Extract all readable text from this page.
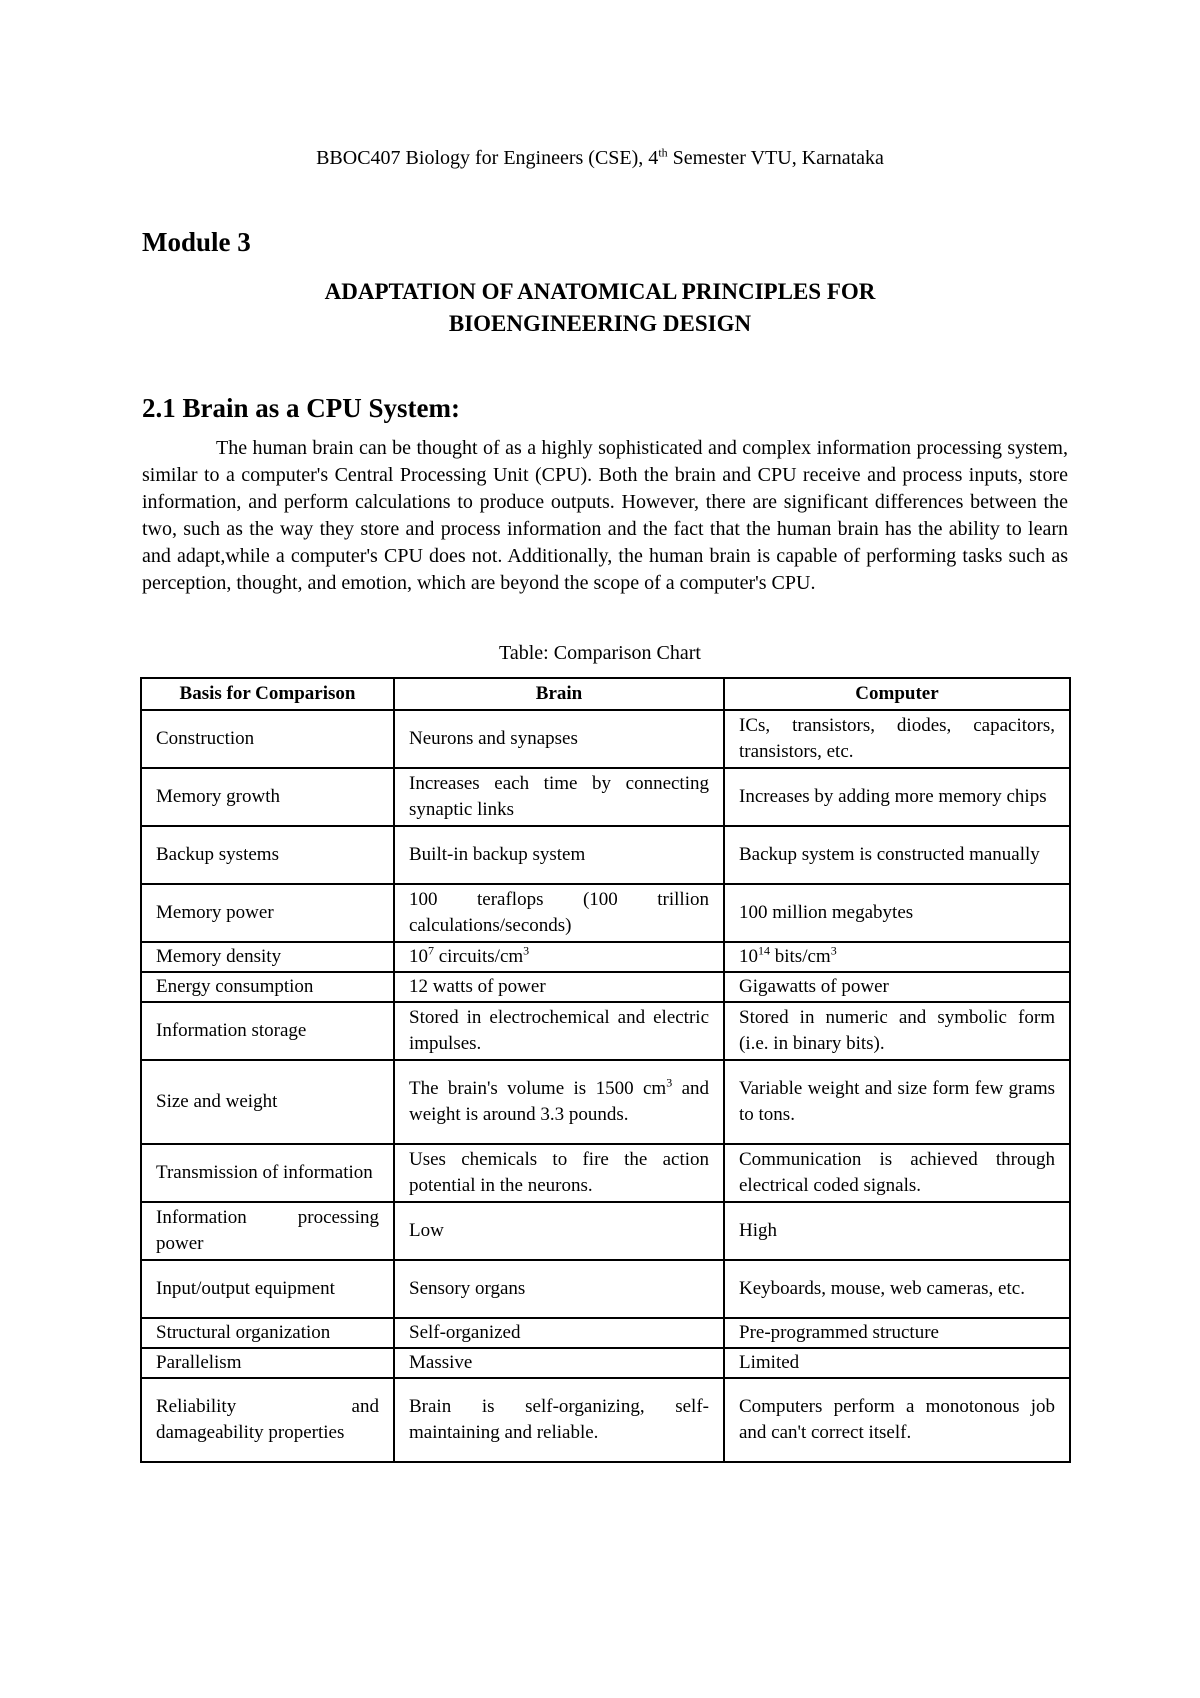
BBOC407 Biology for Engineers (CSE), 4th Semester VTU, Karnataka
Module 3
ADAPTATION OF ANATOMICAL PRINCIPLES FOR
BIOENGINEERING DESIGN
2.1 Brain as a CPU System:
The human brain can be thought of as a highly sophisticated and complex information processing system, similar to a computer's Central Processing Unit (CPU). Both the brain and CPU receive and process inputs, store information, and perform calculations to produce outputs. However, there are significant differences between the two, such as the way they store and process information and the fact that the human brain has the ability to learn and adapt,while a computer's CPU does not. Additionally, the human brain is capable of performing tasks such as perception, thought, and emotion, which are beyond the scope of a computer's CPU.
Table: Comparison Chart
Basis for Comparison	Brain	Computer
Construction	Neurons and synapses	ICs, transistors, diodes, capacitors, transistors, etc.
Memory growth	Increases each time by connecting synaptic links	Increases by adding more memory chips
Backup systems	Built-in backup system	Backup system is constructed manually
Memory power	100 teraflops (100 trillion calculations/seconds)	100 million megabytes
Memory density	$10^7$ circuits/$cm^3$	$10^{14}$ bits/$cm^3$
Energy consumption	12 watts of power	Gigawatts of power
Information storage	Stored in electrochemical and electric impulses.	Stored in numeric and symbolic form (i.e. in binary bits).
Size and weight	The brain's volume is 1500 $cm^3$ and weight is around 3.3 pounds.	Variable weight and size form few grams to tons.
Transmission of information	Uses chemicals to fire the action potential in the neurons.	Communication is achieved through electrical coded signals.
Information processing power	Low	High
Input/output equipment	Sensory organs	Keyboards, mouse, web cameras, etc.
Structural organization	Self-organized	Pre-programmed structure
Parallelism	Massive	Limited
Reliability and damageability properties	Brain is self-organizing, self-maintaining and reliable.	Computers perform a monotonous job and can't correct itself.
